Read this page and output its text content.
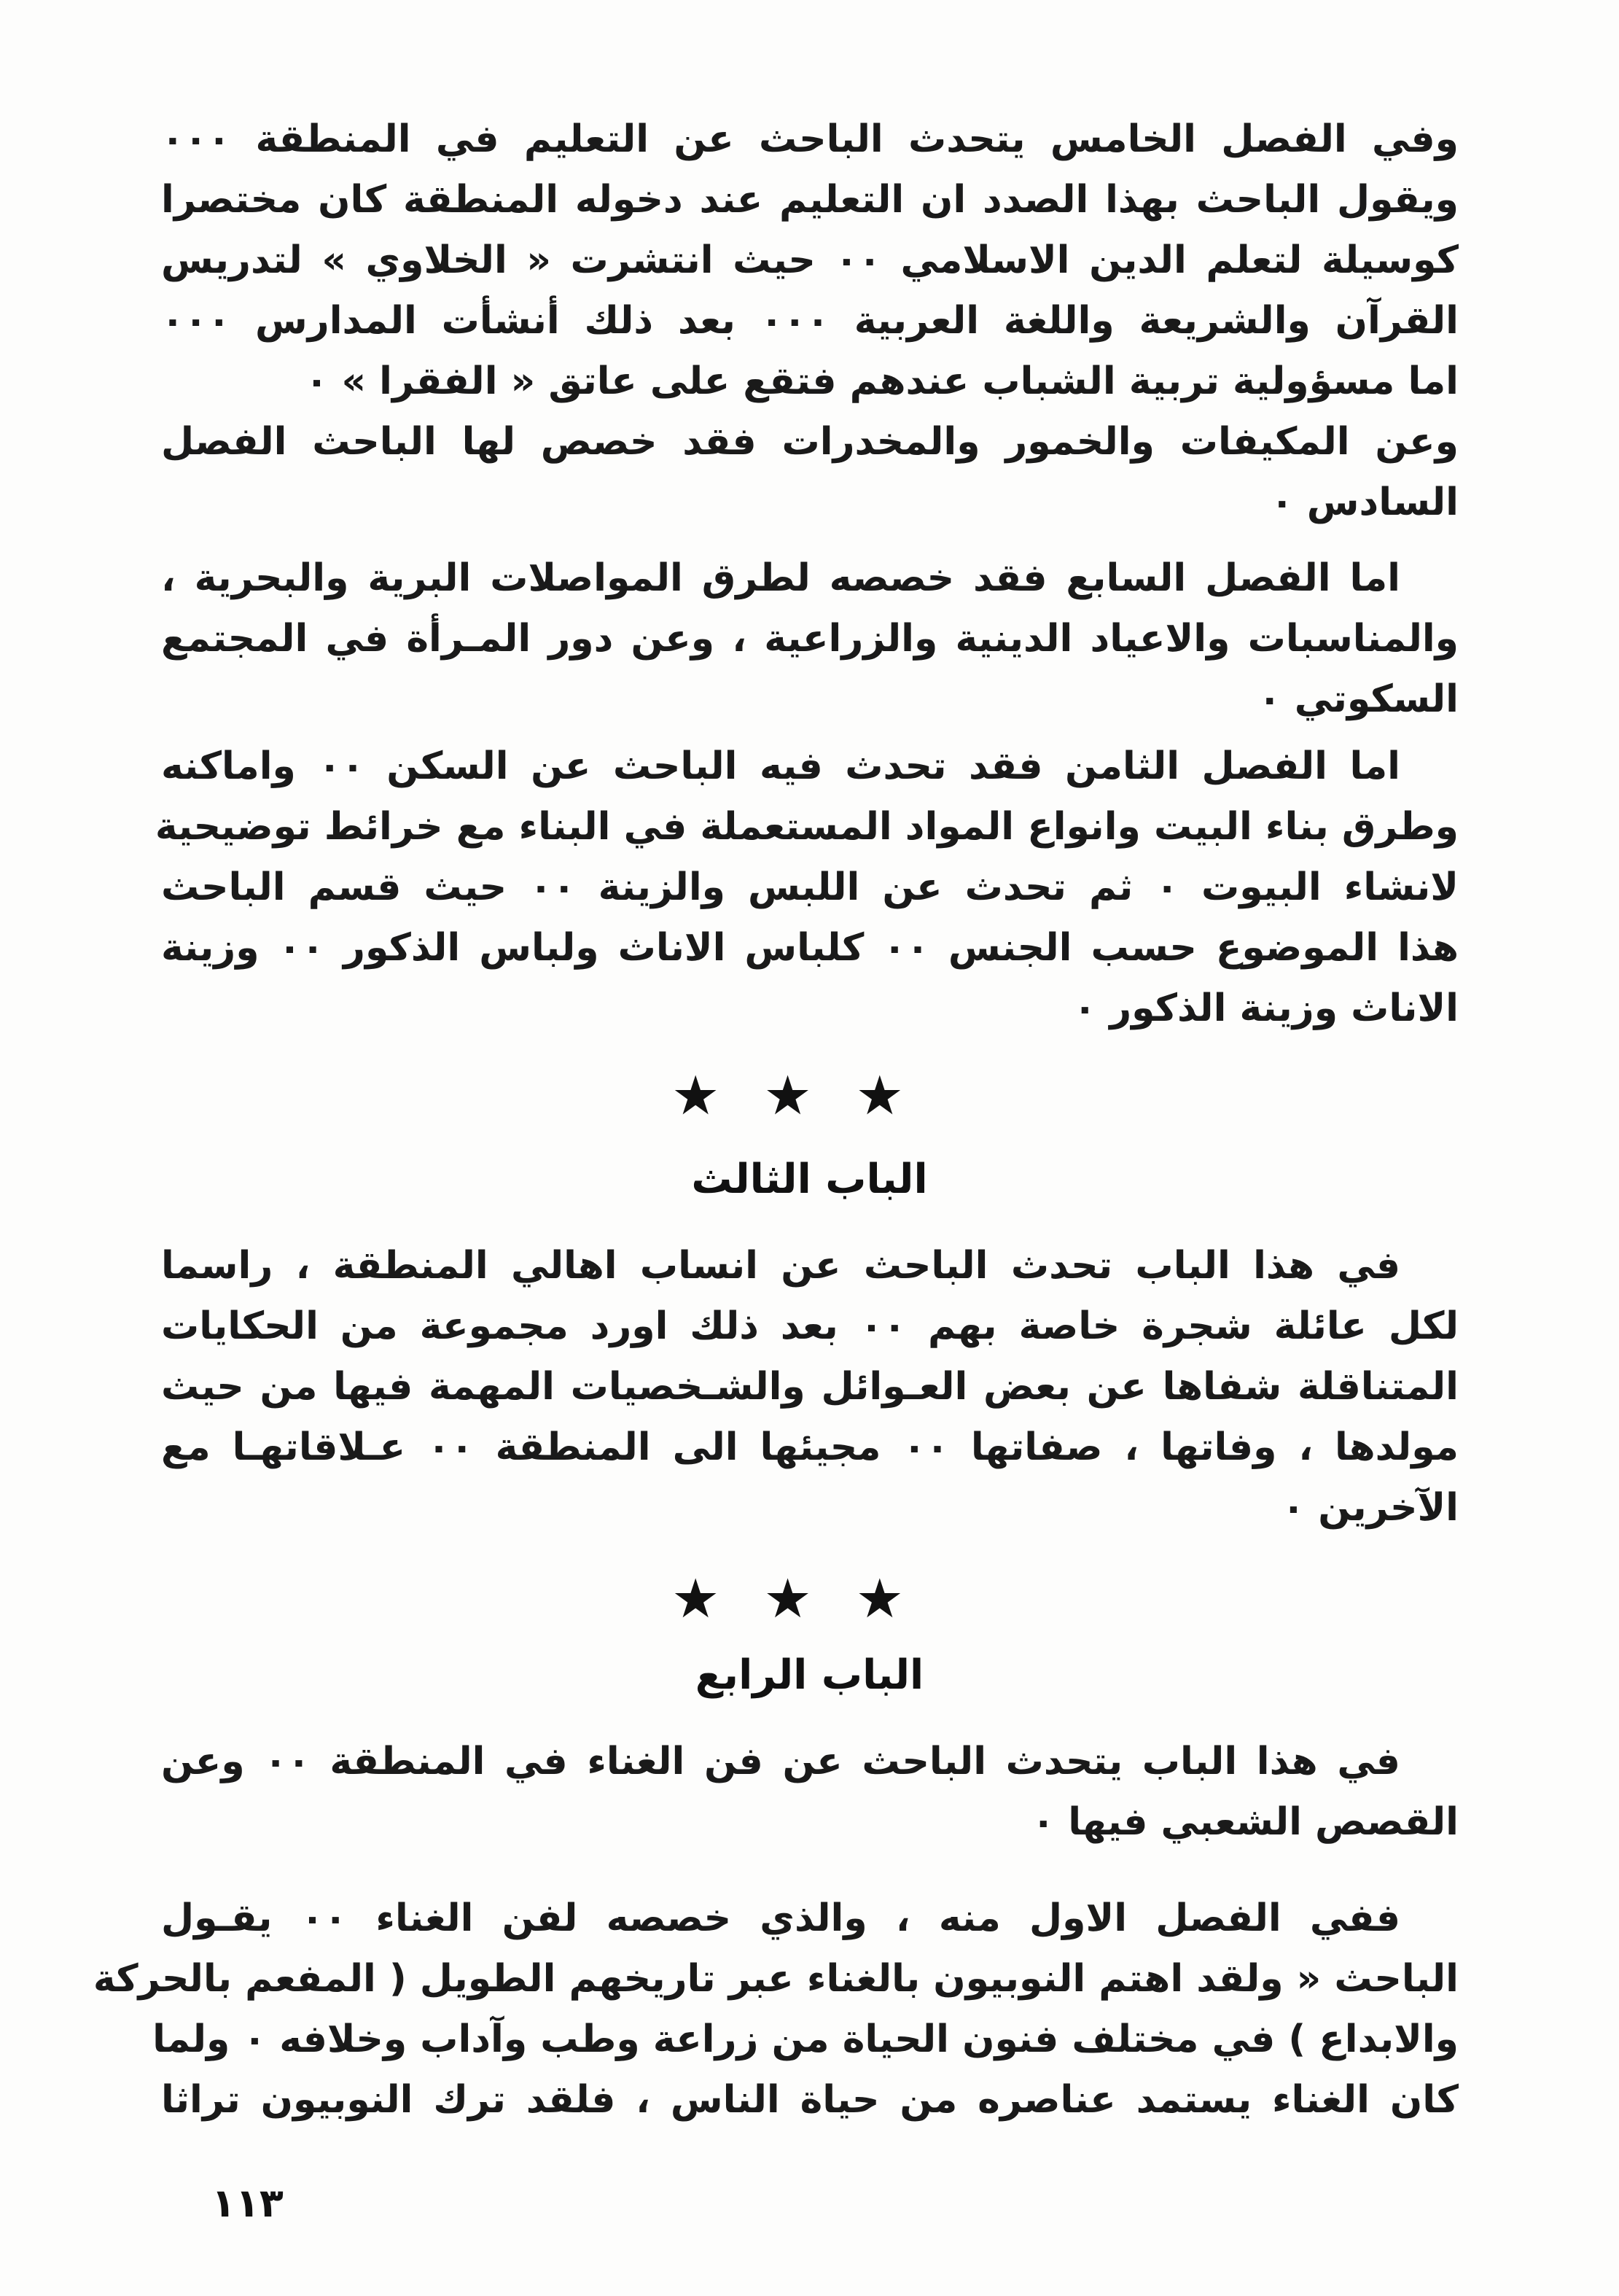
وفي الفصل الخامس يتحدث الباحث عن التعليم في المنطقة ٠٠٠
ويقول الباحث بهذا الصدد ان التعليم عند دخوله المنطقة كان مختصرا
كوسيلة لتعلم الدين الاسلامي ٠٠ حيث انتشرت « الخلاوي » لتدريس
القرآن والشريعة واللغة العربية ٠٠٠ بعد ذلك أنشأت المدارس ٠٠٠
اما مسؤولية تربية الشباب عندهم فتقع على عاتق « الفقرا » ٠
وعن المكيفات والخمور والمخدرات فقد خصص لها الباحث الفصل
السادس ٠
اما الفصل السابع فقد خصصه لطرق المواصلات البرية والبحرية ،
والمناسبات والاعياد الدينية والزراعية ، وعن دور المـرأة في المجتمع
السكوتي ٠
اما الفصل الثامن فقد تحدث فيه الباحث عن السكن ٠٠ واماكنه
وطرق بناء البيت وانواع المواد المستعملة في البناء مع خرائط توضيحية
لانشاء البيوت ٠ ثم تحدث عن اللبس والزينة ٠٠ حيث قسم الباحث
هذا الموضوع حسب الجنس ٠٠ كلباس الاناث ولباس الذكور ٠٠ وزينة
الاناث وزينة الذكور ٠
★★★
الباب الثالث
في هذا الباب تحدث الباحث عن انساب اهالي المنطقة ، راسما
لكل عائلة شجرة خاصة بهم ٠٠ بعد ذلك اورد مجموعة من الحكايات
المتناقلة شفاها عن بعض العـوائل والشـخصيات المهمة فيها من حيث
مولدها ، وفاتها ، صفاتها ٠٠ مجيئها الى المنطقة ٠٠ عـلاقاتهـا مع
الآخرين ٠
★★★
الباب الرابع
في هذا الباب يتحدث الباحث عن فن الغناء في المنطقة ٠٠ وعن
القصص الشعبي فيها ٠
ففي الفصل الاول منه ، والذي خصصه لفن الغناء ٠٠ يقـول
الباحث « ولقد اهتم النوبيون بالغناء عبر تاريخهم الطويل ( المفعم بالحركة
والابداع ) في مختلف فنون الحياة من زراعة وطب وآداب وخلافه ٠ ولما
كان الغناء يستمد عناصره من حياة الناس ، فلقد ترك النوبيون تراثا
١١٣
